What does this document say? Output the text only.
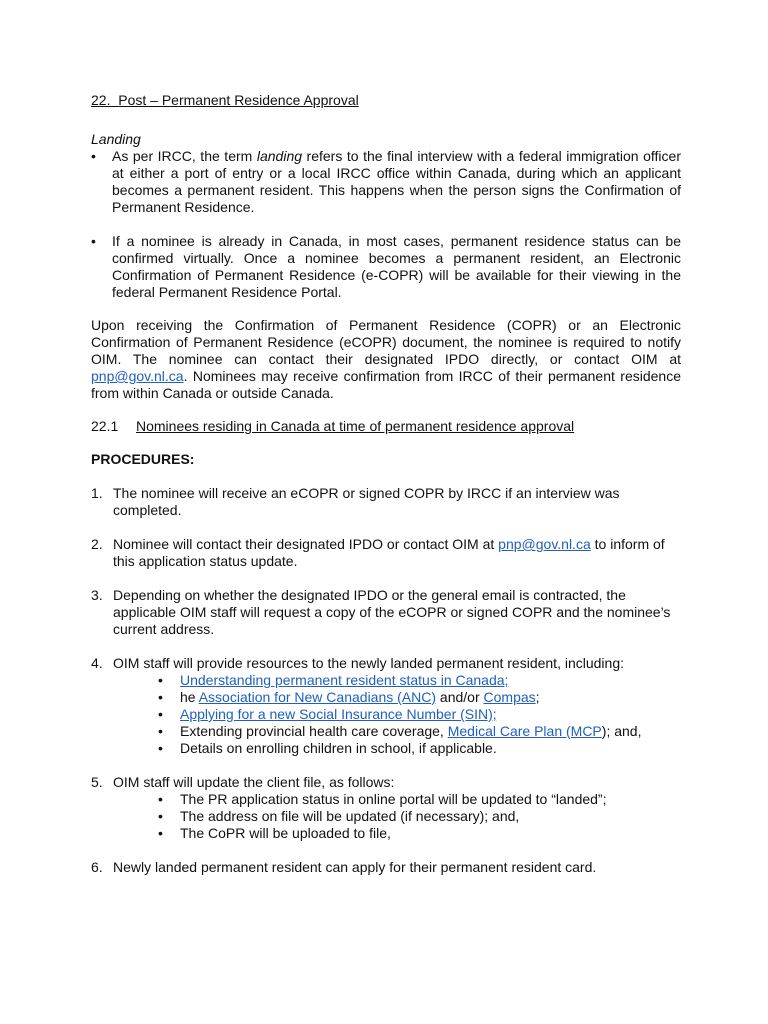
22. Post – Permanent Residence Approval

Landing
• As per IRCC, the term landing refers to the final interview with a federal immigration officer at either a port of entry or a local IRCC office within Canada, during which an applicant becomes a permanent resident. This happens when the person signs the Confirmation of Permanent Residence.
• If a nominee is already in Canada, in most cases, permanent residence status can be confirmed virtually. Once a nominee becomes a permanent resident, an Electronic Confirmation of Permanent Residence (e-COPR) will be available for their viewing in the federal Permanent Residence Portal.

Upon receiving the Confirmation of Permanent Residence (COPR) or an Electronic Confirmation of Permanent Residence (eCOPR) document, the nominee is required to notify OIM. The nominee can contact their designated IPDO directly, or contact OIM at pnp@gov.nl.ca. Nominees may receive confirmation from IRCC of their permanent residence from within Canada or outside Canada.

22.1 Nominees residing in Canada at time of permanent residence approval

PROCEDURES:

1. The nominee will receive an eCOPR or signed COPR by IRCC if an interview was completed.
2. Nominee will contact their designated IPDO or contact OIM at pnp@gov.nl.ca to inform of this application status update.
3. Depending on whether the designated IPDO or the general email is contracted, the applicable OIM staff will request a copy of the eCOPR or signed COPR and the nominee’s current address.
4. OIM staff will provide resources to the newly landed permanent resident, including:
• Understanding permanent resident status in Canada;
• he Association for New Canadians (ANC) and/or Compas;
• Applying for a new Social Insurance Number (SIN);
• Extending provincial health care coverage, Medical Care Plan (MCP); and,
• Details on enrolling children in school, if applicable.
5. OIM staff will update the client file, as follows:
• The PR application status in online portal will be updated to “landed”;
• The address on file will be updated (if necessary); and,
• The CoPR will be uploaded to file,
6. Newly landed permanent resident can apply for their permanent resident card.
